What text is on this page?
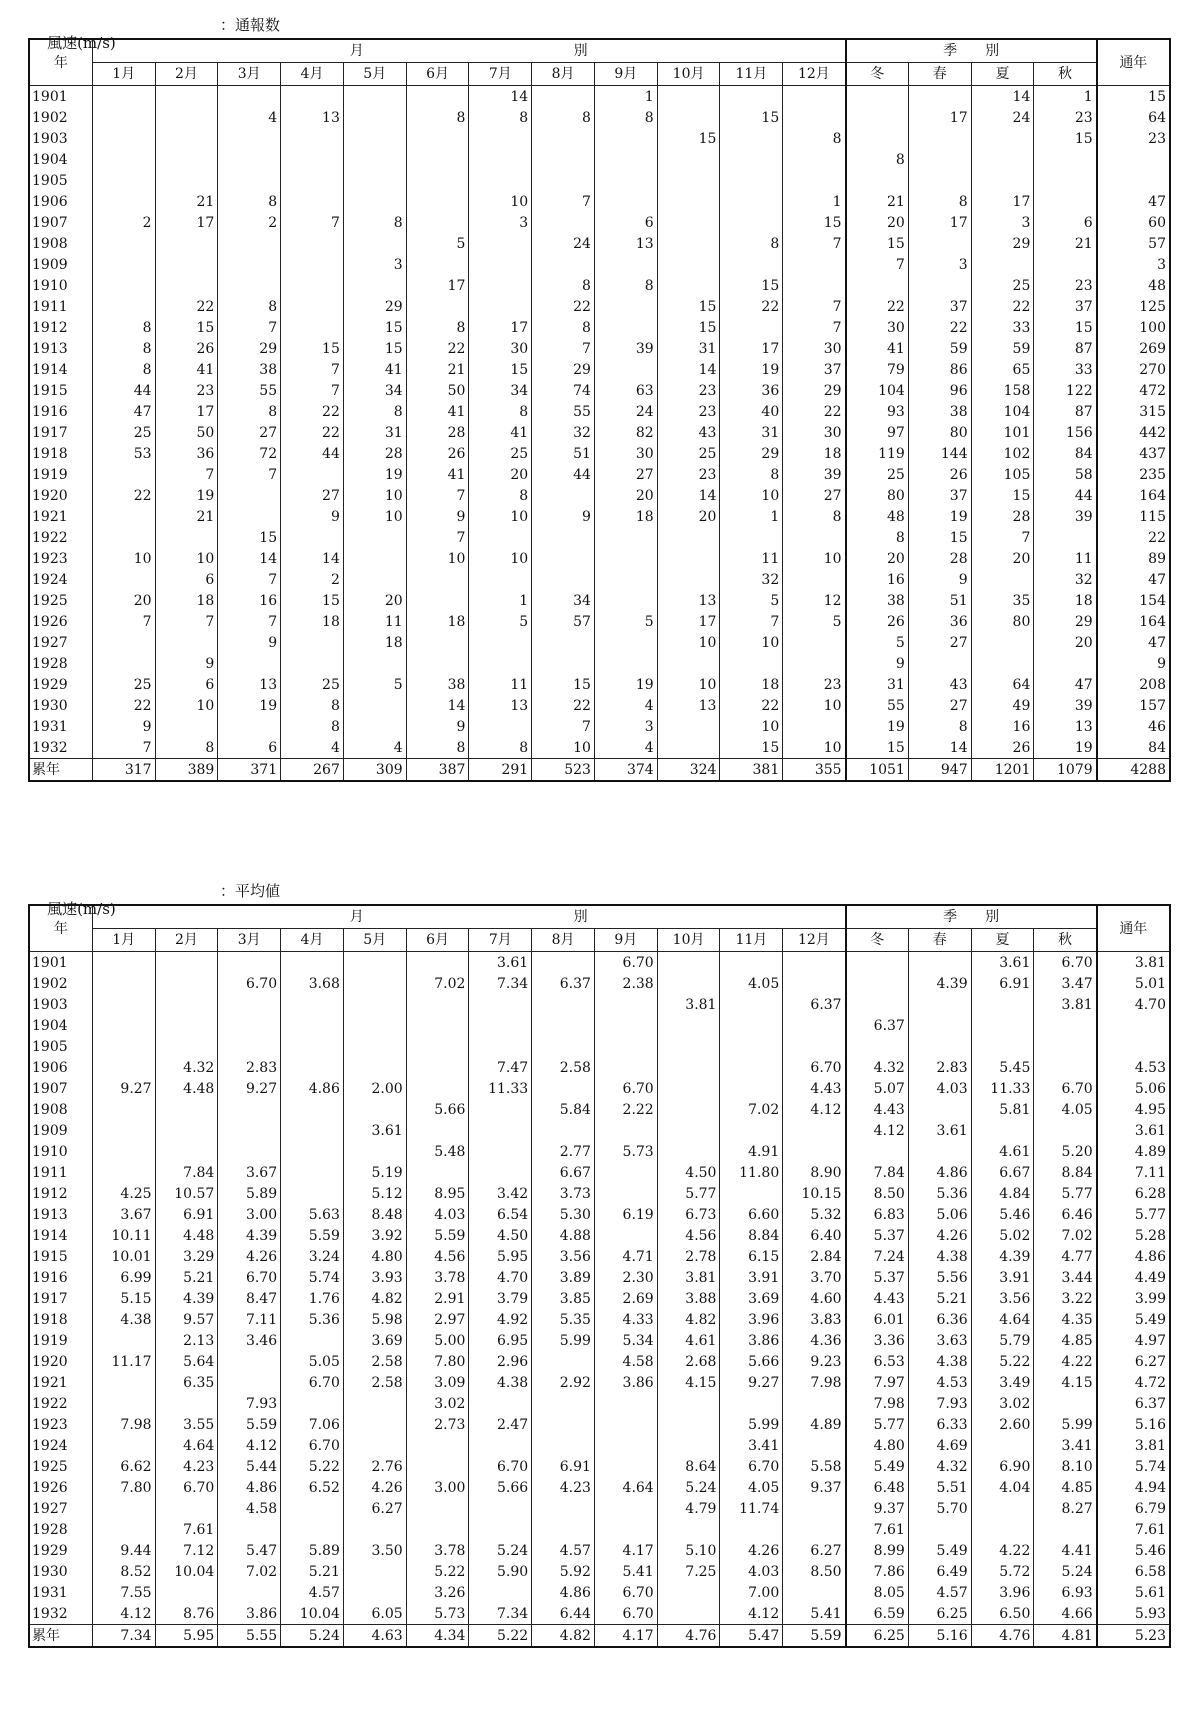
風速(m/s)

：通報数

年	月　　　　　　　　　　　　　　　別												季　　別				通年
	1月	2月	3月	4月	5月	6月	7月	8月	9月	10月	11月	12月	冬	春	夏	秋	
1901							14		1						14	1	15
1902			4	13		8	8	8	8		15			17	24	23	64
1903										15		8				15	23
1904													8				
1905																	
1906		21	8				10	7				1	21	8	17		47
1907	2	17	2	7	8		3		6			15	20	17	3	6	60
1908						5		24	13		8	7	15		29	21	57
1909					3								7	3			3
1910						17		8	8		15				25	23	48
1911		22	8		29			22		15	22	7	22	37	22	37	125
1912	8	15	7		15	8	17	8		15		7	30	22	33	15	100
1913	8	26	29	15	15	22	30	7	39	31	17	30	41	59	59	87	269
1914	8	41	38	7	41	21	15	29		14	19	37	79	86	65	33	270
1915	44	23	55	7	34	50	34	74	63	23	36	29	104	96	158	122	472
1916	47	17	8	22	8	41	8	55	24	23	40	22	93	38	104	87	315
1917	25	50	27	22	31	28	41	32	82	43	31	30	97	80	101	156	442
1918	53	36	72	44	28	26	25	51	30	25	29	18	119	144	102	84	437
1919		7	7		19	41	20	44	27	23	8	39	25	26	105	58	235
1920	22	19		27	10	7	8		20	14	10	27	80	37	15	44	164
1921		21		9	10	9	10	9	18	20	1	8	48	19	28	39	115
1922			15			7							8	15	7		22
1923	10	10	14	14		10	10				11	10	20	28	20	11	89
1924		6	7	2							32		16	9		32	47
1925	20	18	16	15	20		1	34		13	5	12	38	51	35	18	154
1926	7	7	7	18	11	18	5	57	5	17	7	5	26	36	80	29	164
1927			9		18					10	10		5	27		20	47
1928		9											9				9
1929	25	6	13	25	5	38	11	15	19	10	18	23	31	43	64	47	208
1930	22	10	19	8		14	13	22	4	13	22	10	55	27	49	39	157
1931	9			8		9		7	3		10		19	8	16	13	46
1932	7	8	6	4	4	8	8	10	4		15	10	15	14	26	19	84
累年	317	389	371	267	309	387	291	523	374	324	381	355	1051	947	1201	1079	4288

風速(m/s)

：平均値

年	月　　　　　　　　　　　　　　　別												季　　別				通年
	1月	2月	3月	4月	5月	6月	7月	8月	9月	10月	11月	12月	冬	春	夏	秋	
1901							3.61		6.70						3.61	6.70	3.81
1902			6.70	3.68		7.02	7.34	6.37	2.38		4.05			4.39	6.91	3.47	5.01
1903										3.81		6.37				3.81	4.70
1904													6.37				
1905																	
1906		4.32	2.83				7.47	2.58				6.70	4.32	2.83	5.45		4.53
1907	9.27	4.48	9.27	4.86	2.00		11.33		6.70			4.43	5.07	4.03	11.33	6.70	5.06
1908						5.66		5.84	2.22		7.02	4.12	4.43		5.81	4.05	4.95
1909					3.61								4.12	3.61			3.61
1910						5.48		2.77	5.73		4.91				4.61	5.20	4.89
1911		7.84	3.67		5.19			6.67		4.50	11.80	8.90	7.84	4.86	6.67	8.84	7.11
1912	4.25	10.57	5.89		5.12	8.95	3.42	3.73		5.77		10.15	8.50	5.36	4.84	5.77	6.28
1913	3.67	6.91	3.00	5.63	8.48	4.03	6.54	5.30	6.19	6.73	6.60	5.32	6.83	5.06	5.46	6.46	5.77
1914	10.11	4.48	4.39	5.59	3.92	5.59	4.50	4.88		4.56	8.84	6.40	5.37	4.26	5.02	7.02	5.28
1915	10.01	3.29	4.26	3.24	4.80	4.56	5.95	3.56	4.71	2.78	6.15	2.84	7.24	4.38	4.39	4.77	4.86
1916	6.99	5.21	6.70	5.74	3.93	3.78	4.70	3.89	2.30	3.81	3.91	3.70	5.37	5.56	3.91	3.44	4.49
1917	5.15	4.39	8.47	1.76	4.82	2.91	3.79	3.85	2.69	3.88	3.69	4.60	4.43	5.21	3.56	3.22	3.99
1918	4.38	9.57	7.11	5.36	5.98	2.97	4.92	5.35	4.33	4.82	3.96	3.83	6.01	6.36	4.64	4.35	5.49
1919		2.13	3.46		3.69	5.00	6.95	5.99	5.34	4.61	3.86	4.36	3.36	3.63	5.79	4.85	4.97
1920	11.17	5.64		5.05	2.58	7.80	2.96		4.58	2.68	5.66	9.23	6.53	4.38	5.22	4.22	6.27
1921		6.35		6.70	2.58	3.09	4.38	2.92	3.86	4.15	9.27	7.98	7.97	4.53	3.49	4.15	4.72
1922			7.93			3.02							7.98	7.93	3.02		6.37
1923	7.98	3.55	5.59	7.06		2.73	2.47				5.99	4.89	5.77	6.33	2.60	5.99	5.16
1924		4.64	4.12	6.70							3.41		4.80	4.69		3.41	3.81
1925	6.62	4.23	5.44	5.22	2.76		6.70	6.91		8.64	6.70	5.58	5.49	4.32	6.90	8.10	5.74
1926	7.80	6.70	4.86	6.52	4.26	3.00	5.66	4.23	4.64	5.24	4.05	9.37	6.48	5.51	4.04	4.85	4.94
1927			4.58		6.27					4.79	11.74		9.37	5.70		8.27	6.79
1928		7.61											7.61				7.61
1929	9.44	7.12	5.47	5.89	3.50	3.78	5.24	4.57	4.17	5.10	4.26	6.27	8.99	5.49	4.22	4.41	5.46
1930	8.52	10.04	7.02	5.21		5.22	5.90	5.92	5.41	7.25	4.03	8.50	7.86	6.49	5.72	5.24	6.58
1931	7.55			4.57		3.26		4.86	6.70		7.00		8.05	4.57	3.96	6.93	5.61
1932	4.12	8.76	3.86	10.04	6.05	5.73	7.34	6.44	6.70		4.12	5.41	6.59	6.25	6.50	4.66	5.93
累年	7.34	5.95	5.55	5.24	4.63	4.34	5.22	4.82	4.17	4.76	5.47	5.59	6.25	5.16	4.76	4.81	5.23
